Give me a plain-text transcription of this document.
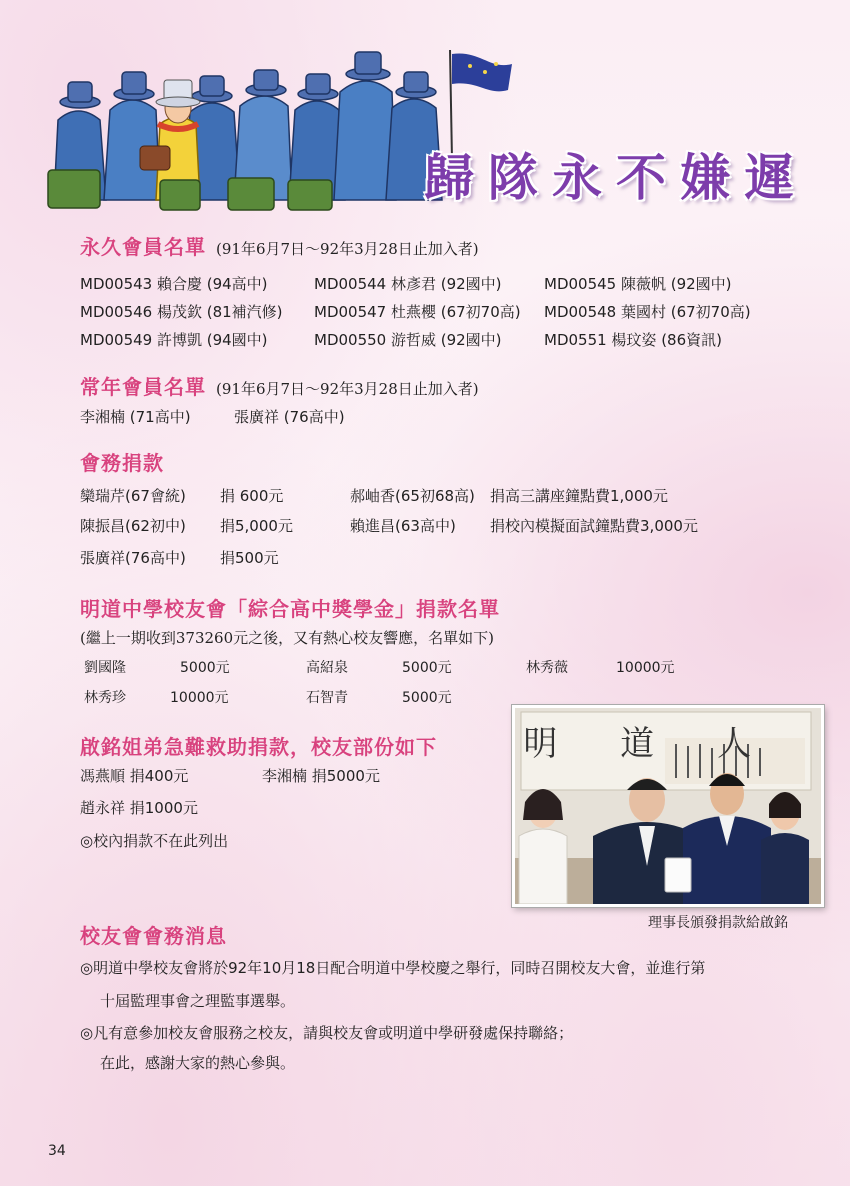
歸隊永不嫌遲
永久會員名單 (91年6月7日～92年3月28日止加入者)
MD00543 賴合慶 (94高中)	MD00544 林彥君 (92國中)	MD00545 陳薇帆 (92國中)
MD00546 楊茂欽 (81補汽修) MD00547 杜燕櫻 (67初70高) MD00548 葉國村 (67初70高)
MD00549 許博凱 (94國中)	MD00550 游哲威 (92國中)	MD0551 楊玟姿 (86資訊)
常年會員名單 (91年6月7日～92年3月28日止加入者)
李湘楠 (71高中)	張廣祥 (76高中)
會務捐款
欒瑞芹(67會統) 捐 600元	郝岫香(65初68高) 捐高三講座鐘點費1,000元
陳振昌(62初中) 捐5,000元	賴進昌(63高中) 捐校內模擬面試鐘點費3,000元
張廣祥(76高中) 捐500元
明道中學校友會「綜合高中獎學金」捐款名單
(繼上一期收到373260元之後，又有熱心校友響應，名單如下)
劉國隆	5000元	高紹泉	5000元	林秀薇	10000元
林秀珍	10000元	石智青	5000元
啟銘姐弟急難救助捐款，校友部份如下
馮燕順 捐400元	李湘楠 捐5000元
趙永祥 捐1000元
◎校內捐款不在此列出
明 道 人
理事長頒發捐款給啟銘
校友會會務消息
◎明道中學校友會將於92年10月18日配合明道中學校慶之舉行，同時召開校友大會，並進行第
十屆監理事會之理監事選舉。
◎凡有意參加校友會服務之校友，請與校友會或明道中學研發處保持聯絡；
在此，感謝大家的熱心參與。
34
